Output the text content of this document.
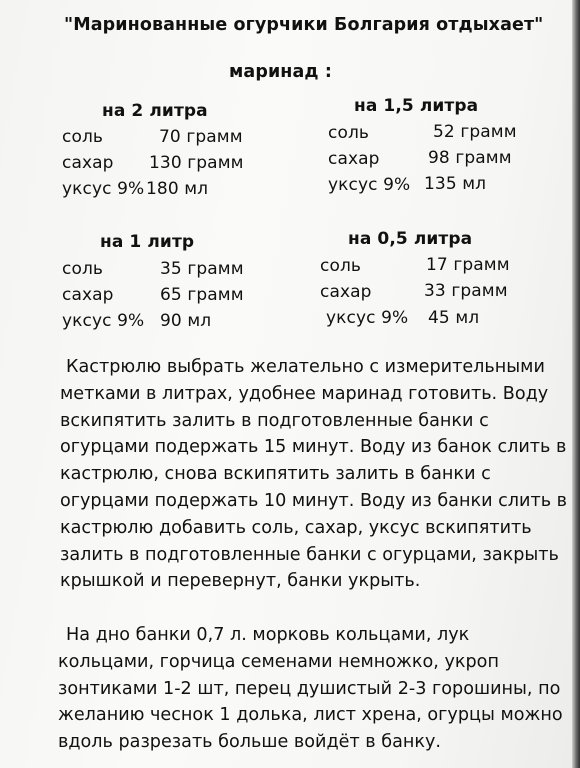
"Маринованные огурчики Болгария отдыхает"

маринад :

на 2 литра

соль	70 грамм

сахар 130 грамм

уксус 9% 180 мл

на 1,5 литра

соль	52 грамм

сахар	98 грамм

уксус 9% 135 мл

на 1 литр

соль	35 грамм

сахар	65 грамм

уксус 9% 90 мл

на 0,5 литра

соль	17 грамм

сахар	33 грамм

уксус 9% 45 мл

Кастрюлю выбрать желательно с измерительными
метками в литрах, удобнее маринад готовить. Воду
вскипятить залить в подготовленные банки с
огурцами подержать 15 минут. Воду из банок слить в
кастрюлю, снова вскипятить залить в банки с
огурцами подержать 10 минут. Воду из банки слить в
кастрюлю добавить соль, сахар, уксус вскипятить
залить в подготовленные банки с огурцами, закрыть
крышкой и перевернут, банки укрыть.
На дно банки 0,7 л. морковь кольцами, лук
кольцами, горчица семенами немножко, укроп
зонтиками 1-2 шт, перец душистый 2-3 горошины, по
желанию чеснок 1 долька, лист хрена, огурцы можно
вдоль разрезать больше войдёт в банку.
